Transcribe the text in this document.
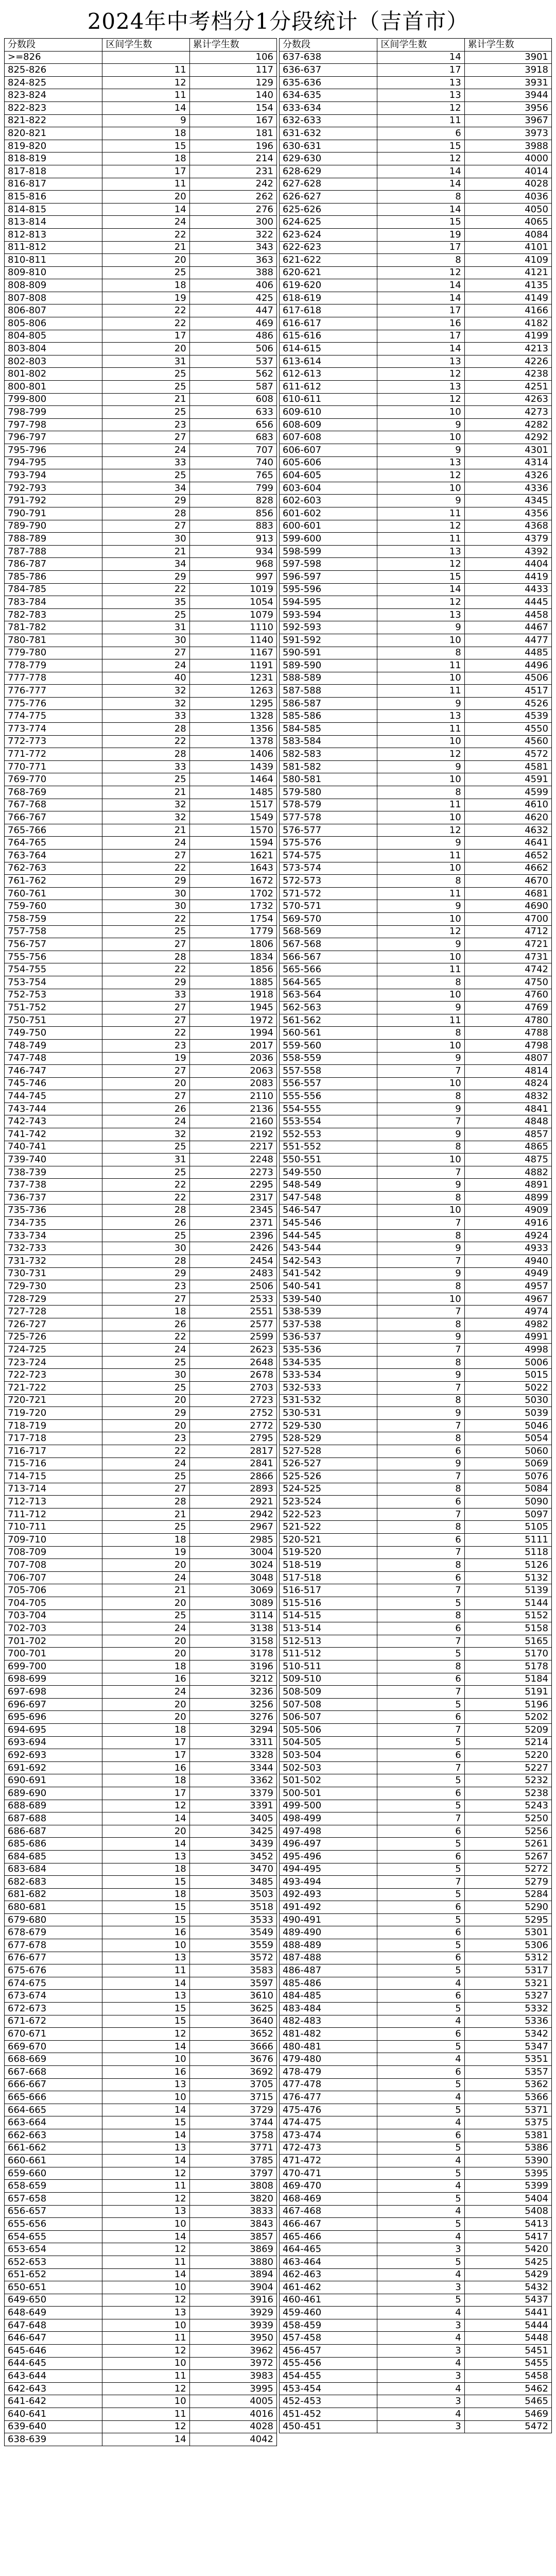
2024年中考档分1分段统计（吉首市）
分数段	区间学生数	累计学生数
>=826		106
825-826	11	117
824-825	12	129
823-824	11	140
822-823	14	154
821-822	9	167
820-821	18	181
819-820	15	196
818-819	18	214
817-818	17	231
816-817	11	242
815-816	20	262
814-815	14	276
813-814	24	300
812-813	22	322
811-812	21	343
810-811	20	363
809-810	25	388
808-809	18	406
807-808	19	425
806-807	22	447
805-806	22	469
804-805	17	486
803-804	20	506
802-803	31	537
801-802	25	562
800-801	25	587
799-800	21	608
798-799	25	633
797-798	23	656
796-797	27	683
795-796	24	707
794-795	33	740
793-794	25	765
792-793	34	799
791-792	29	828
790-791	28	856
789-790	27	883
788-789	30	913
787-788	21	934
786-787	34	968
785-786	29	997
784-785	22	1019
783-784	35	1054
782-783	25	1079
781-782	31	1110
780-781	30	1140
779-780	27	1167
778-779	24	1191
777-778	40	1231
776-777	32	1263
775-776	32	1295
774-775	33	1328
773-774	28	1356
772-773	22	1378
771-772	28	1406
770-771	33	1439
769-770	25	1464
768-769	21	1485
767-768	32	1517
766-767	32	1549
765-766	21	1570
764-765	24	1594
763-764	27	1621
762-763	22	1643
761-762	29	1672
760-761	30	1702
759-760	30	1732
758-759	22	1754
757-758	25	1779
756-757	27	1806
755-756	28	1834
754-755	22	1856
753-754	29	1885
752-753	33	1918
751-752	27	1945
750-751	27	1972
749-750	22	1994
748-749	23	2017
747-748	19	2036
746-747	27	2063
745-746	20	2083
744-745	27	2110
743-744	26	2136
742-743	24	2160
741-742	32	2192
740-741	25	2217
739-740	31	2248
738-739	25	2273
737-738	22	2295
736-737	22	2317
735-736	28	2345
734-735	26	2371
733-734	25	2396
732-733	30	2426
731-732	28	2454
730-731	29	2483
729-730	23	2506
728-729	27	2533
727-728	18	2551
726-727	26	2577
725-726	22	2599
724-725	24	2623
723-724	25	2648
722-723	30	2678
721-722	25	2703
720-721	20	2723
719-720	29	2752
718-719	20	2772
717-718	23	2795
716-717	22	2817
715-716	24	2841
714-715	25	2866
713-714	27	2893
712-713	28	2921
711-712	21	2942
710-711	25	2967
709-710	18	2985
708-709	19	3004
707-708	20	3024
706-707	24	3048
705-706	21	3069
704-705	20	3089
703-704	25	3114
702-703	24	3138
701-702	20	3158
700-701	20	3178
699-700	18	3196
698-699	16	3212
697-698	24	3236
696-697	20	3256
695-696	20	3276
694-695	18	3294
693-694	17	3311
692-693	17	3328
691-692	16	3344
690-691	18	3362
689-690	17	3379
688-689	12	3391
687-688	14	3405
686-687	20	3425
685-686	14	3439
684-685	13	3452
683-684	18	3470
682-683	15	3485
681-682	18	3503
680-681	15	3518
679-680	15	3533
678-679	16	3549
677-678	10	3559
676-677	13	3572
675-676	11	3583
674-675	14	3597
673-674	13	3610
672-673	15	3625
671-672	15	3640
670-671	12	3652
669-670	14	3666
668-669	10	3676
667-668	16	3692
666-667	13	3705
665-666	10	3715
664-665	14	3729
663-664	15	3744
662-663	14	3758
661-662	13	3771
660-661	14	3785
659-660	12	3797
658-659	11	3808
657-658	12	3820
656-657	13	3833
655-656	10	3843
654-655	14	3857
653-654	12	3869
652-653	11	3880
651-652	14	3894
650-651	10	3904
649-650	12	3916
648-649	13	3929
647-648	10	3939
646-647	11	3950
645-646	12	3962
644-645	10	3972
643-644	11	3983
642-643	12	3995
641-642	10	4005
640-641	11	4016
639-640	12	4028
638-639	14	4042
分数段	区间学生数	累计学生数
637-638	14	3901
636-637	17	3918
635-636	13	3931
634-635	13	3944
633-634	12	3956
632-633	11	3967
631-632	6	3973
630-631	15	3988
629-630	12	4000
628-629	14	4014
627-628	14	4028
626-627	8	4036
625-626	14	4050
624-625	15	4065
623-624	19	4084
622-623	17	4101
621-622	8	4109
620-621	12	4121
619-620	14	4135
618-619	14	4149
617-618	17	4166
616-617	16	4182
615-616	17	4199
614-615	14	4213
613-614	13	4226
612-613	12	4238
611-612	13	4251
610-611	12	4263
609-610	10	4273
608-609	9	4282
607-608	10	4292
606-607	9	4301
605-606	13	4314
604-605	12	4326
603-604	10	4336
602-603	9	4345
601-602	11	4356
600-601	12	4368
599-600	11	4379
598-599	13	4392
597-598	12	4404
596-597	15	4419
595-596	14	4433
594-595	12	4445
593-594	13	4458
592-593	9	4467
591-592	10	4477
590-591	8	4485
589-590	11	4496
588-589	10	4506
587-588	11	4517
586-587	9	4526
585-586	13	4539
584-585	11	4550
583-584	10	4560
582-583	12	4572
581-582	9	4581
580-581	10	4591
579-580	8	4599
578-579	11	4610
577-578	10	4620
576-577	12	4632
575-576	9	4641
574-575	11	4652
573-574	10	4662
572-573	8	4670
571-572	11	4681
570-571	9	4690
569-570	10	4700
568-569	12	4712
567-568	9	4721
566-567	10	4731
565-566	11	4742
564-565	8	4750
563-564	10	4760
562-563	9	4769
561-562	11	4780
560-561	8	4788
559-560	10	4798
558-559	9	4807
557-558	7	4814
556-557	10	4824
555-556	8	4832
554-555	9	4841
553-554	7	4848
552-553	9	4857
551-552	8	4865
550-551	10	4875
549-550	7	4882
548-549	9	4891
547-548	8	4899
546-547	10	4909
545-546	7	4916
544-545	8	4924
543-544	9	4933
542-543	7	4940
541-542	9	4949
540-541	8	4957
539-540	10	4967
538-539	7	4974
537-538	8	4982
536-537	9	4991
535-536	7	4998
534-535	8	5006
533-534	9	5015
532-533	7	5022
531-532	8	5030
530-531	9	5039
529-530	7	5046
528-529	8	5054
527-528	6	5060
526-527	9	5069
525-526	7	5076
524-525	8	5084
523-524	6	5090
522-523	7	5097
521-522	8	5105
520-521	6	5111
519-520	7	5118
518-519	8	5126
517-518	6	5132
516-517	7	5139
515-516	5	5144
514-515	8	5152
513-514	6	5158
512-513	7	5165
511-512	5	5170
510-511	8	5178
509-510	6	5184
508-509	7	5191
507-508	5	5196
506-507	6	5202
505-506	7	5209
504-505	5	5214
503-504	6	5220
502-503	7	5227
501-502	5	5232
500-501	6	5238
499-500	5	5243
498-499	7	5250
497-498	6	5256
496-497	5	5261
495-496	6	5267
494-495	5	5272
493-494	7	5279
492-493	5	5284
491-492	6	5290
490-491	5	5295
489-490	6	5301
488-489	5	5306
487-488	6	5312
486-487	5	5317
485-486	4	5321
484-485	6	5327
483-484	5	5332
482-483	4	5336
481-482	6	5342
480-481	5	5347
479-480	4	5351
478-479	6	5357
477-478	5	5362
476-477	4	5366
475-476	5	5371
474-475	4	5375
473-474	6	5381
472-473	5	5386
471-472	4	5390
470-471	5	5395
469-470	4	5399
468-469	5	5404
467-468	4	5408
466-467	5	5413
465-466	4	5417
464-465	3	5420
463-464	5	5425
462-463	4	5429
461-462	3	5432
460-461	5	5437
459-460	4	5441
458-459	3	5444
457-458	4	5448
456-457	3	5451
455-456	4	5455
454-455	3	5458
453-454	4	5462
452-453	3	5465
451-452	4	5469
450-451	3	5472
